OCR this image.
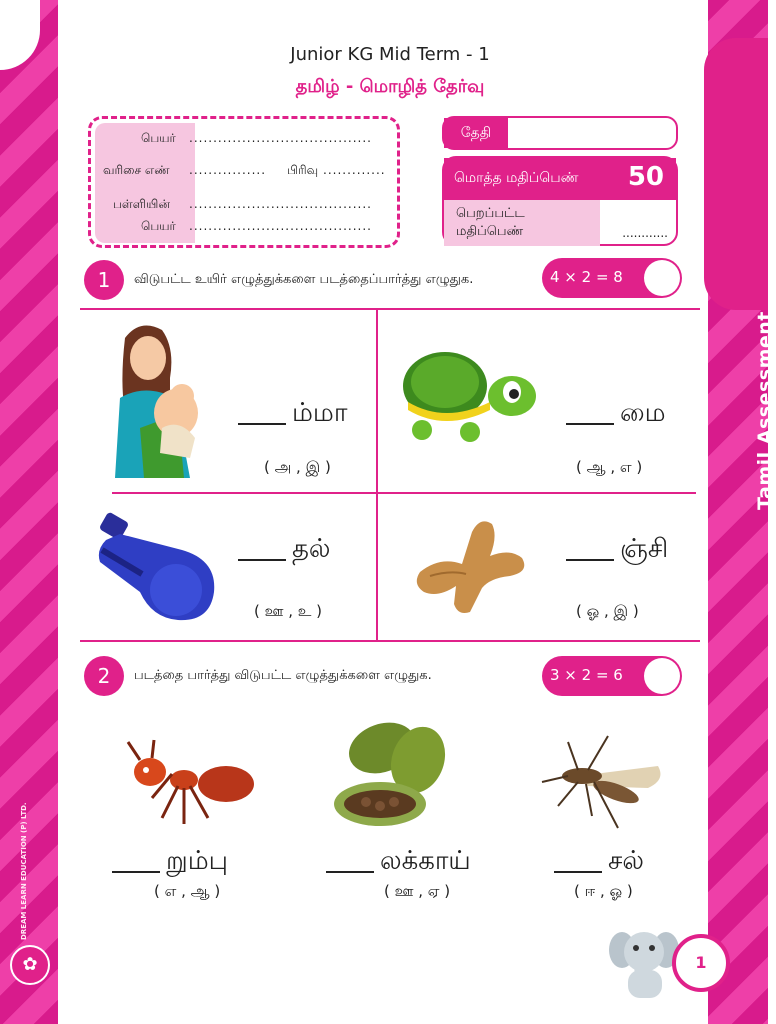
Tamil Assessment
DREAM LEARN EDUCATION (P) LTD.
✿
Junior KG Mid Term - 1
தமிழ் - மொழித் தேர்வு
பெயர் ......................................
வரிசை எண் ................ பிரிவு .............
பள்ளியின் ......................................
பெயர் ......................................
தேதி
மொத்த மதிப்பெண் 50
பெறப்பட்ட
மதிப்பெண்	............
1	விடுபட்ட உயிர் எழுத்துக்களை படத்தைப்பார்த்து எழுதுக.	4 × 2 = 8
ம்மா
( அ , இ )
மை
( ஆ , எ )
தல்
( ஊ , உ )
ஞ்சி
( ஓ , இ )
2	படத்தை பார்த்து விடுபட்ட எழுத்துக்களை எழுதுக.	3 × 2 = 6
றும்பு
( எ , ஆ )
லக்காய்
( ஊ , ஏ )
சல்
( ஈ , ஓ )
1
